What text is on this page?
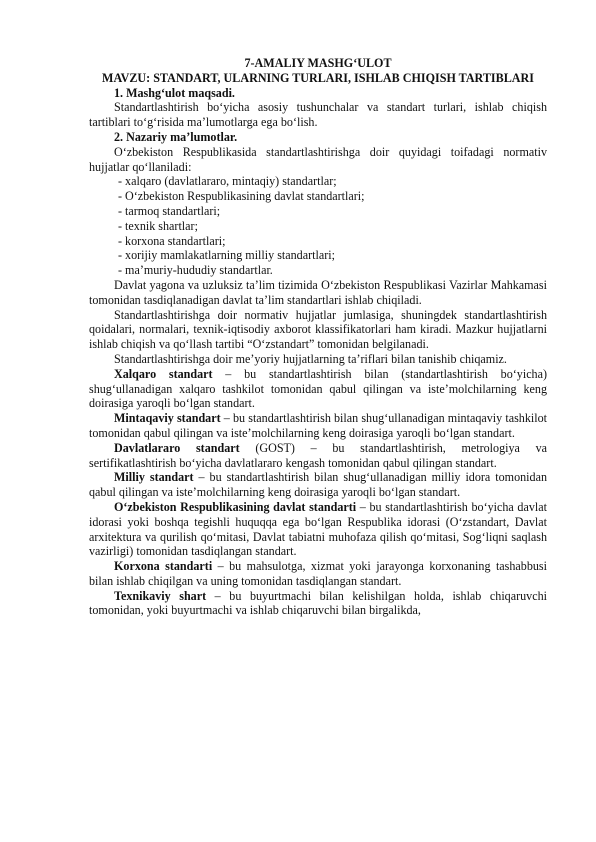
7-AMALIY MASHG‘ULOT

MAVZU: STANDART, ULARNING TURLARI, ISHLAB CHIQISH TARTIBLARI

1. Mashg‘ulot maqsadi.

Standartlashtirish bo‘yicha asosiy tushunchalar va standart turlari, ishlab chiqish tartiblari to‘g‘risida ma’lumotlarga ega bo‘lish.

2. Nazariy ma’lumotlar.

O‘zbekiston Respublikasida standartlashtirishga doir quyidagi toifadagi normativ hujjatlar qo‘llaniladi:

- xalqaro (davlatlararo, mintaqiy) standartlar;
- O‘zbekiston Respublikasining davlat standartlari;
- tarmoq standartlari;
- texnik shartlar;
- korxona standartlari;
- xorijiy mamlakatlarning milliy standartlari;
- ma’muriy-hududiy standartlar.

Davlat yagona va uzluksiz ta’lim tizimida O‘zbekiston Respublikasi Vazirlar Mahkamasi tomonidan tasdiqlanadigan davlat ta’lim standartlari ishlab chiqiladi.

Standartlashtirishga doir normativ hujjatlar jumlasiga, shuningdek standartlashtirish qoidalari, normalari, texnik-iqtisodiy axborot klassifikatorlari ham kiradi. Mazkur hujjatlarni ishlab chiqish va qo‘llash tartibi “O‘zstandart” tomonidan belgilanadi.

Standartlashtirishga doir me’yoriy hujjatlarning ta’riflari bilan tanishib chiqamiz.

Xalqaro standart – bu standartlashtirish bilan (standartlashtirish bo‘yicha) shug‘ullanadigan xalqaro tashkilot tomonidan qabul qilingan va iste’molchilarning keng doirasiga yaroqli bo‘lgan standart.

Mintaqaviy standart – bu standartlashtirish bilan shug‘ullanadigan mintaqaviy tashkilot tomonidan qabul qilingan va iste’molchilarning keng doirasiga yaroqli bo‘lgan standart.

Davlatlararo standart (GOST) – bu standartlashtirish, metrologiya va sertifikatlashtirish bo‘yicha davlatlararo kengash tomonidan qabul qilingan standart.

Milliy standart – bu standartlashtirish bilan shug‘ullanadigan milliy idora tomonidan qabul qilingan va iste’molchilarning keng doirasiga yaroqli bo‘lgan standart.

O‘zbekiston Respublikasining davlat standarti – bu standartlashtirish bo‘yicha davlat idorasi yoki boshqa tegishli huquqqa ega bo‘lgan Respublika idorasi (O‘zstandart, Davlat arxitektura va qurilish qo‘mitasi, Davlat tabiatni muhofaza qilish qo‘mitasi, Sog‘liqni saqlash vazirligi) tomonidan tasdiqlangan standart.

Korxona standarti – bu mahsulotga, xizmat yoki jarayonga korxonaning tashabbusi bilan ishlab chiqilgan va uning tomonidan tasdiqlangan standart.

Texnikaviy shart – bu buyurtmachi bilan kelishilgan holda, ishlab chiqaruvchi tomonidan, yoki buyurtmachi va ishlab chiqaruvchi bilan birgalikda,
